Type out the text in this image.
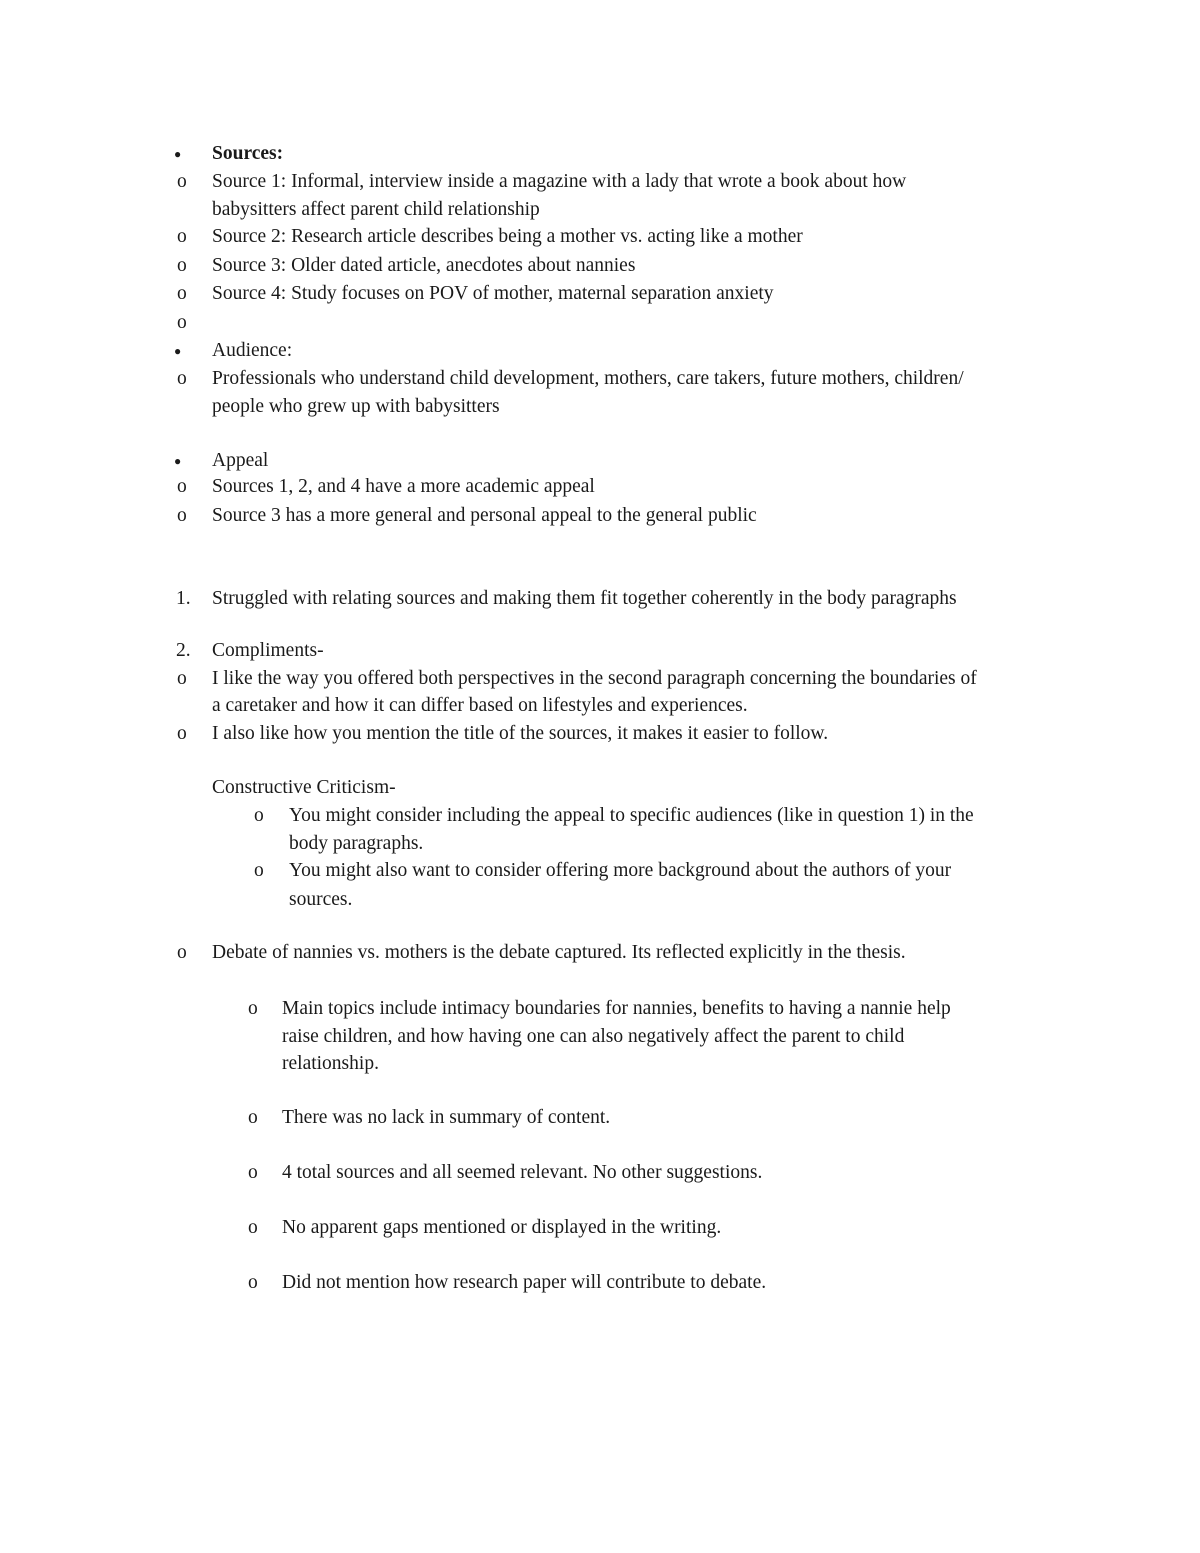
●	Sources:
o	Source 1: Informal, interview inside a magazine with a lady that wrote a book about how
babysitters affect parent child relationship
o	Source 2: Research article describes being a mother vs. acting like a mother
o	Source 3: Older dated article, anecdotes about nannies
o	Source 4: Study focuses on POV of mother, maternal separation anxiety
o
●	Audience:
o	Professionals who understand child development, mothers, care takers, future mothers, children/
people who grew up with babysitters
●	Appeal
o	Sources 1, 2, and 4 have a more academic appeal
o	Source 3 has a more general and personal appeal to the general public
1.	Struggled with relating sources and making them fit together coherently in the body paragraphs
2.	Compliments-
o	I like the way you offered both perspectives in the second paragraph concerning the boundaries of
a caretaker and how it can differ based on lifestyles and experiences.
o	I also like how you mention the title of the sources, it makes it easier to follow.
Constructive Criticism-
o	You might consider including the appeal to specific audiences (like in question 1) in the
body paragraphs.
o	You might also want to consider offering more background about the authors of your
sources.
o	Debate of nannies vs. mothers is the debate captured. Its reflected explicitly in the thesis.
o	Main topics include intimacy boundaries for nannies, benefits to having a nannie help
raise children, and how having one can also negatively affect the parent to child
relationship.
o	There was no lack in summary of content.
o	4 total sources and all seemed relevant. No other suggestions.
o	No apparent gaps mentioned or displayed in the writing.
o	Did not mention how research paper will contribute to debate.
